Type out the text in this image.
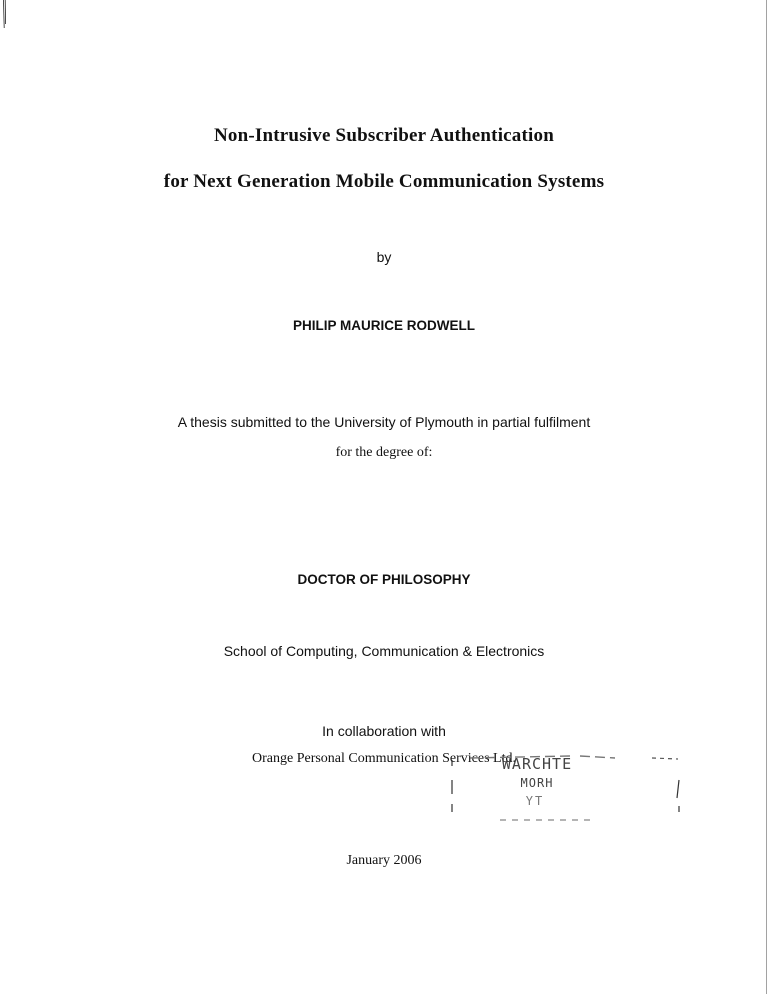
Non-Intrusive Subscriber Authentication
for Next Generation Mobile Communication Systems
by
PHILIP MAURICE RODWELL
A thesis submitted to the University of Plymouth in partial fulfilment
for the degree of:
DOCTOR OF PHILOSOPHY
School of Computing, Communication & Electronics
In collaboration with
Orange Personal Communication Services Ltd.
January 2006
WARCHTE
MORH
YT
